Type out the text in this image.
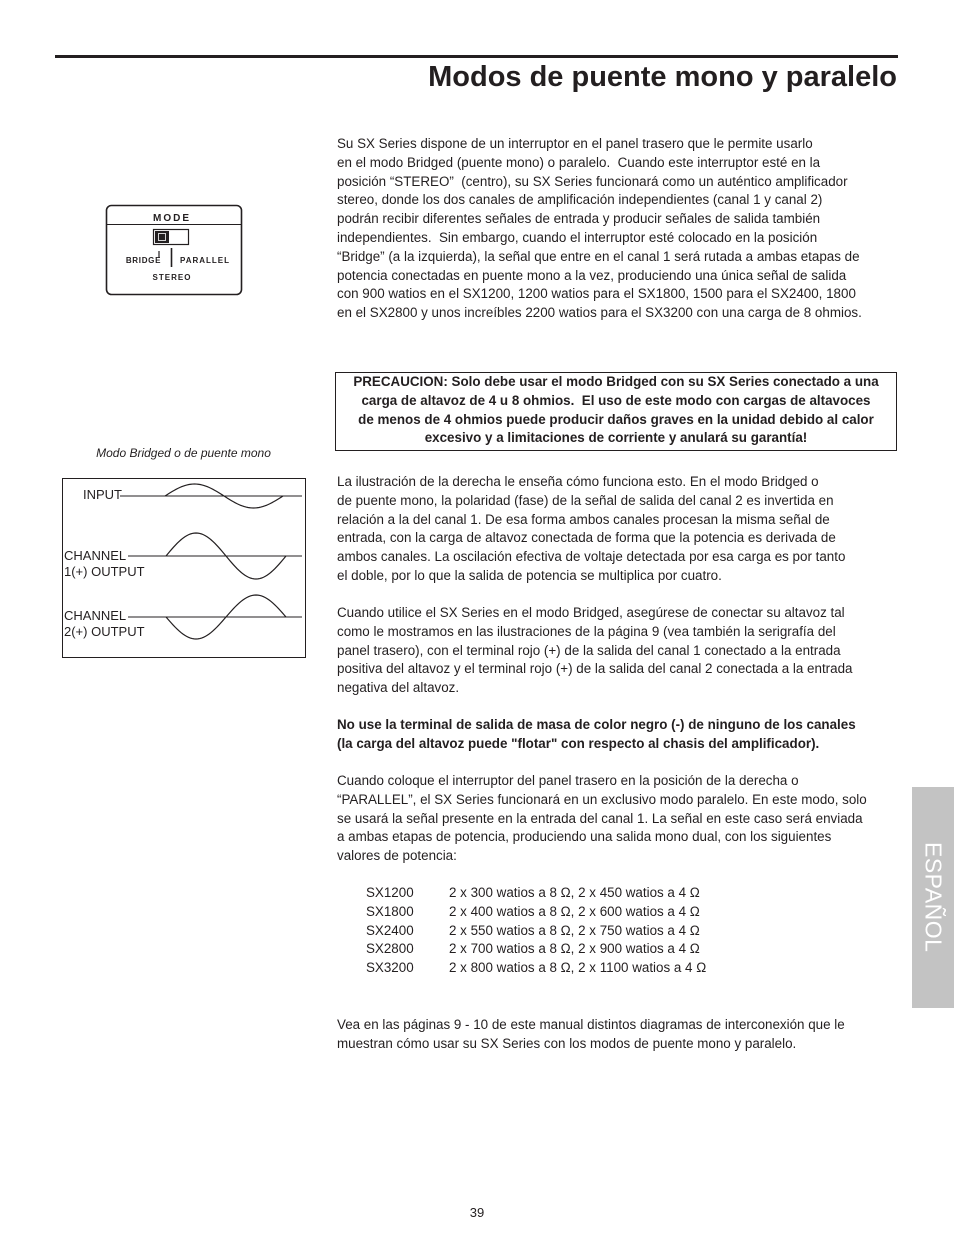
Modos de puente mono y paralelo
Su SX Series dispone de un interruptor en el panel trasero que le permite usarlo
en el modo Bridged (puente mono) o paralelo.  Cuando este interruptor esté en la
posición “STEREO”  (centro), su SX Series funcionará como un auténtico amplificador
stereo, donde los dos canales de amplificación independientes (canal 1 y canal 2)
podrán recibir diferentes señales de entrada y producir señales de salida también
independientes.  Sin embargo, cuando el interruptor esté colocado en la posición
“Bridge” (a la izquierda), la señal que entre en el canal 1 será rutada a ambas etapas de
potencia conectadas en puente mono a la vez, produciendo una única señal de salida
con 900 watios en el SX1200, 1200 watios para el SX1800, 1500 para el SX2400, 1800
en el SX2800 y unos increíbles 2200 watios para el SX3200 con una carga de 8 ohmios.
MODE
BRIDGE PARALLEL
STEREO
PRECAUCION: Solo debe usar el modo Bridged con su SX Series conectado a una
carga de altavoz de 4 u 8 ohmios.  El uso de este modo con cargas de altavoces
de menos de 4 ohmios puede producir daños graves en la unidad debido al calor
excesivo y a limitaciones de corriente y anulará su garantía!
Modo Bridged o de puente mono
INPUT
CHANNEL
1(+) OUTPUT
CHANNEL
2(+) OUTPUT
La ilustración de la derecha le enseña cómo funciona esto. En el modo Bridged o
de puente mono, la polaridad (fase) de la señal de salida del canal 2 es invertida en
relación a la del canal 1. De esa forma ambos canales procesan la misma señal de
entrada, con la carga de altavoz conectada de forma que la potencia es derivada de
ambos canales. La oscilación efectiva de voltaje detectada por esa carga es por tanto
el doble, por lo que la salida de potencia se multiplica por cuatro.
Cuando utilice el SX Series en el modo Bridged, asegúrese de conectar su altavoz tal
como le mostramos en las ilustraciones de la página 9 (vea también la serigrafía del
panel trasero), con el terminal rojo (+) de la salida del canal 1 conectado a la entrada
positiva del altavoz y el terminal rojo (+) de la salida del canal 2 conectada a la entrada
negativa del altavoz.
No use la terminal de salida de masa de color negro (-) de ninguno de los canales
(la carga del altavoz puede "flotar" con respecto al chasis del amplificador).
Cuando coloque el interruptor del panel trasero en la posición de la derecha o
“PARALLEL”, el SX Series funcionará en un exclusivo modo paralelo. En este modo, solo
se usará la señal presente en la entrada del canal 1. La señal en este caso será enviada
a ambas etapas de potencia, produciendo una salida mono dual, con los siguientes
valores de potencia:
SX1200	2 x 300 watios a 8 Ω, 2 x 450 watios a 4 Ω
SX1800	2 x 400 watios a 8 Ω, 2 x 600 watios a 4 Ω
SX2400	2 x 550 watios a 8 Ω, 2 x 750 watios a 4 Ω
SX2800	2 x 700 watios a 8 Ω, 2 x 900 watios a 4 Ω
SX3200	2 x 800 watios a 8 Ω, 2 x 1100 watios a 4 Ω
Vea en las páginas 9 - 10 de este manual distintos diagramas de interconexión que le
muestran cómo usar su SX Series con los modos de puente mono y paralelo.
ESPAÑOL
39
